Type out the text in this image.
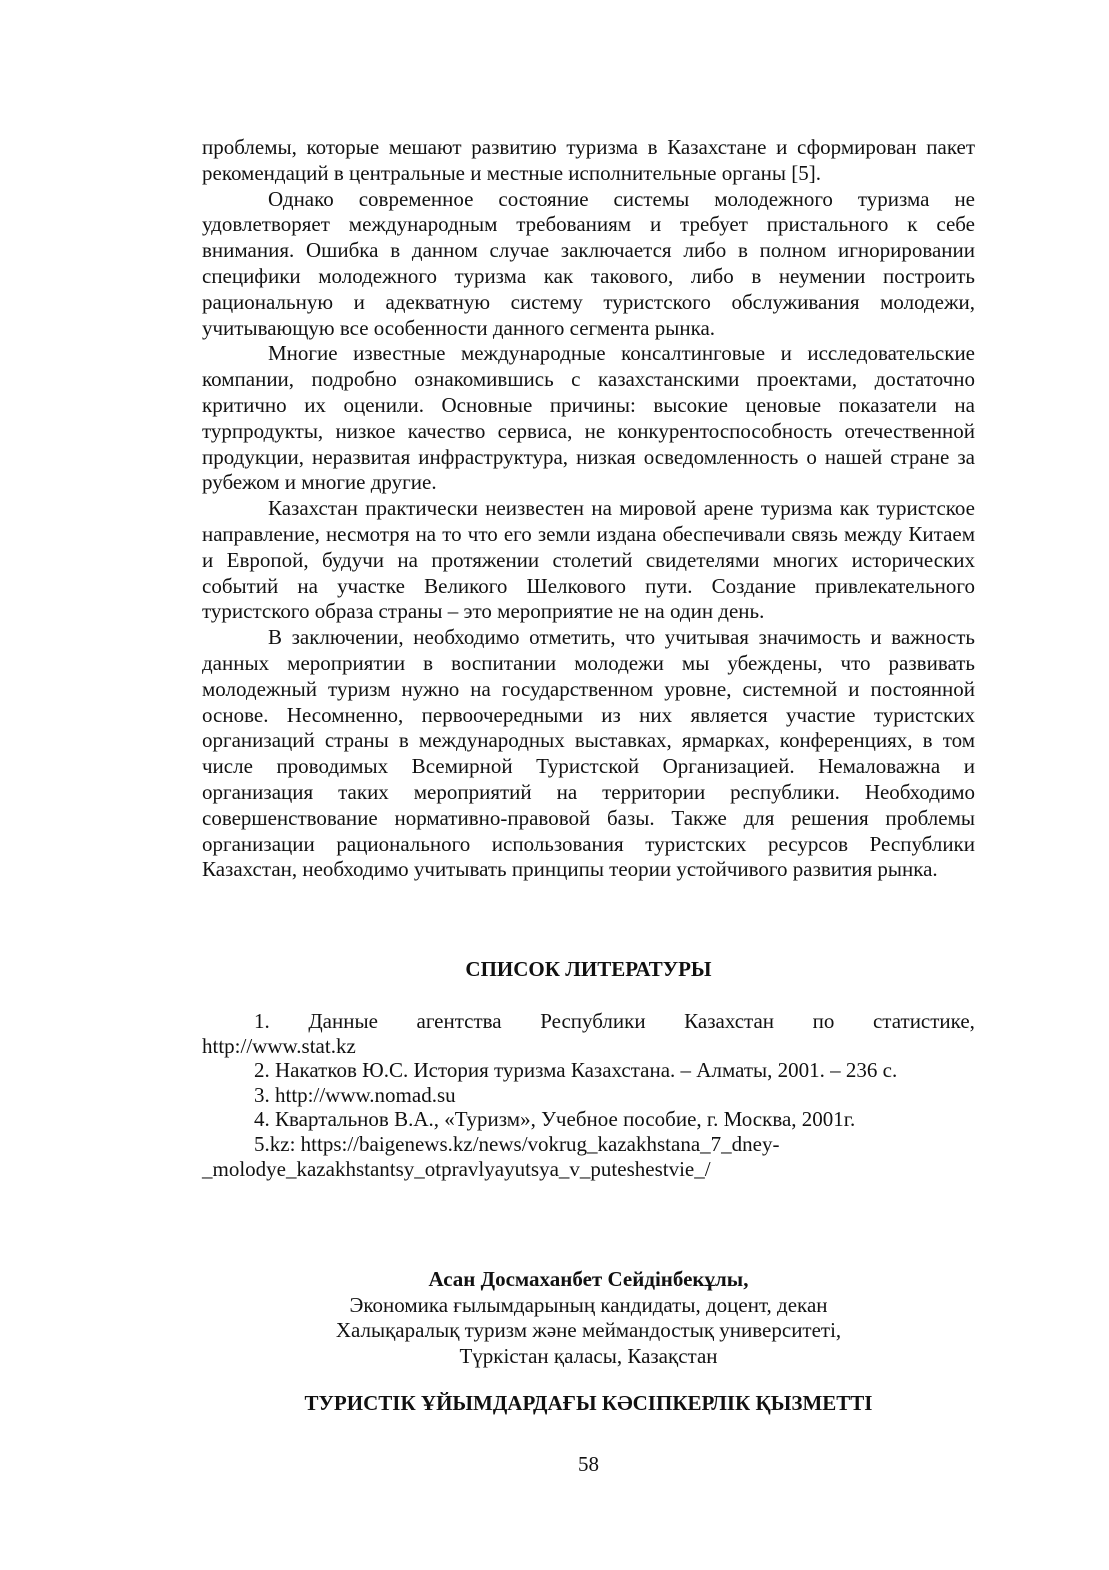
проблемы, которые мешают развитию туризма в Казахстане и сформирован пакет рекомендаций в центральные и местные исполнительные органы [5].

Однако современное состояние системы молодежного туризма не удовлетворяет международным требованиям и требует пристального к себе внимания. Ошибка в данном случае заключается либо в полном игнорировании специфики молодежного туризма как такового, либо в неумении построить рациональную и адекватную систему туристского обслуживания молодежи, учитывающую все особенности данного сегмента рынка.

Многие известные международные консалтинговые и исследовательские компании, подробно ознакомившись с казахстанскими проектами, достаточно критично их оценили. Основные причины: высокие ценовые показатели на турпродукты, низкое качество сервиса, не конкурентоспособность отечественной продукции, неразвитая инфраструктура, низкая осведомленность о нашей стране за рубежом и многие другие.

Казахстан практически неизвестен на мировой арене туризма как туристское направление, несмотря на то что его земли издана обеспечивали связь между Китаем и Европой, будучи на протяжении столетий свидетелями многих исторических событий на участке Великого Шелкового пути. Создание привлекательного туристского образа страны – это мероприятие не на один день.

В заключении, необходимо отметить, что учитывая значимость и важность данных мероприятии в воспитании молодежи мы убеждены, что развивать молодежный туризм нужно на государственном уровне, системной и постоянной основе. Несомненно, первоочередными из них является участие туристских организаций страны в международных выставках, ярмарках, конференциях, в том числе проводимых Всемирной Туристской Организацией. Немаловажна и организация таких мероприятий на территории республики. Необходимо совершенствование нормативно-правовой базы. Также для решения проблемы организации рационального использования туристских ресурсов Республики Казахстан, необходимо учитывать принципы теории устойчивого развития рынка.

СПИСОК ЛИТЕРАТУРЫ
1. Данные агентства Республики Казахстан по статистике,
http://www.stat.kz
2. Накатков Ю.С. История туризма Казахстана. – Алматы, 2001. – 236 с.
3. http://www.nomad.su
4. Квартальнов В.А., «Туризм», Учебное пособие, г. Москва, 2001г.
5.kz: https://baigenews.kz/news/vokrug_kazakhstana_7_dney-
_molodye_kazakhstantsy_otpravlyayutsya_v_puteshestvie_/

Асан Досмаханбет Сейдінбекұлы,

Экономика ғылымдарының кандидаты, доцент, декан

Халықаралық туризм және меймандостық университеті,

Түркістан қаласы, Казақстан

ТУРИСТІК ҰЙЫМДАРДАҒЫ КӘСІПКЕРЛІК ҚЫЗМЕТТІ
58
